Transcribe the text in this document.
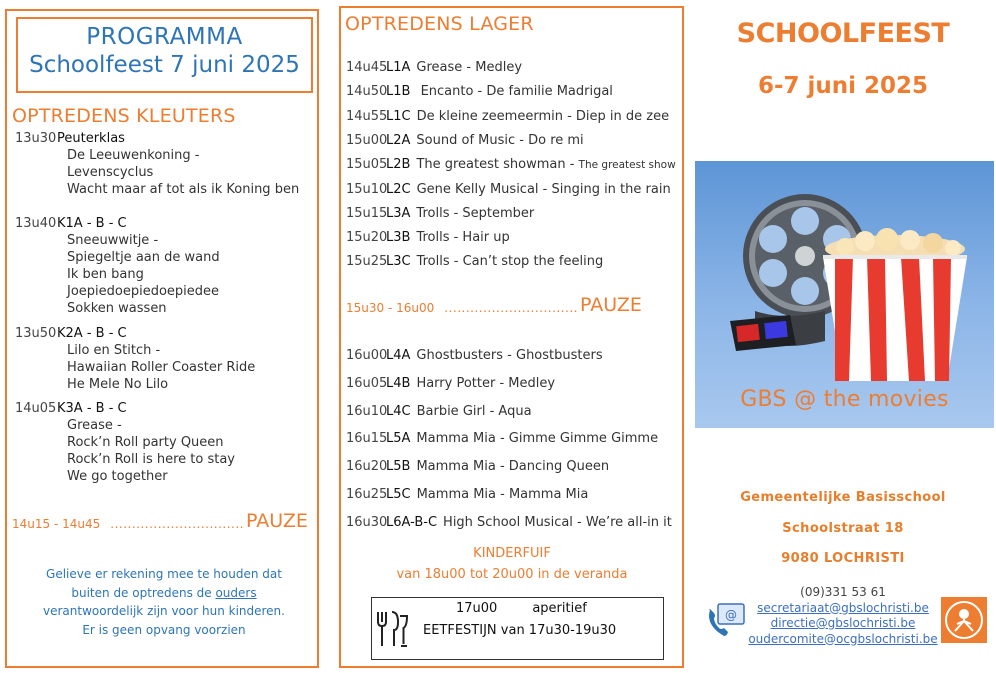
PROGRAMMA
Schoolfeest 7 juni 2025
OPTREDENS KLEUTERS
13u30Peuterklas
De Leeuwenkoning -
Levenscyclus
Wacht maar af tot als ik Koning ben
13u40K1A - B - C
Sneeuwwitje -
Spiegeltje aan de wand
Ik ben bang
Joepiedoepiedoepiedee
Sokken wassen
13u50K2A - B - C
Lilo en Stitch -
Hawaiian Roller Coaster Ride
He Mele No Lilo
14u05K3A - B - C
Grease -
Rock’n Roll party Queen
Rock’n Roll is here to stay
We go together
14u15 - 14u45 ............................... PAUZE
Gelieve er rekening mee te houden dat
buiten de optredens de ouders
verantwoordelijk zijn voor hun kinderen.
Er is geen opvang voorzien
OPTREDENS LAGER
14u45L1A Grease - Medley
14u50L1B Encanto - De familie Madrigal
14u55L1C De kleine zeemeermin - Diep in de zee
15u00L2A Sound of Music - Do re mi
15u05L2B The greatest showman - The greatest show
15u10L2C Gene Kelly Musical - Singing in the rain
15u15L3A Trolls - September
15u20L3B Trolls - Hair up
15u25L3C Trolls - Can’t stop the feeling
15u30 - 16u00 ............................... PAUZE
16u00L4A Ghostbusters - Ghostbusters
16u05L4B Harry Potter - Medley
16u10L4C Barbie Girl - Aqua
16u15L5A Mamma Mia - Gimme Gimme Gimme
16u20L5B Mamma Mia - Dancing Queen
16u25L5C Mamma Mia - Mamma Mia
16u30L6A-B-C High School Musical - We’re all-in it
KINDERFUIF
van 18u00 tot 20u00 in de veranda
17u00	aperitief
EETFESTIJN van 17u30-19u30
SCHOOLFEEST
6-7 juni 2025
GBS @ the movies
Gemeentelijke Basisschool
Schoolstraat 18
9080 LOCHRISTI
(09)331 53 61
secretariaat@gbslochristi.be
directie@gbslochristi.be
oudercomite@ocgbslochristi.be
@
